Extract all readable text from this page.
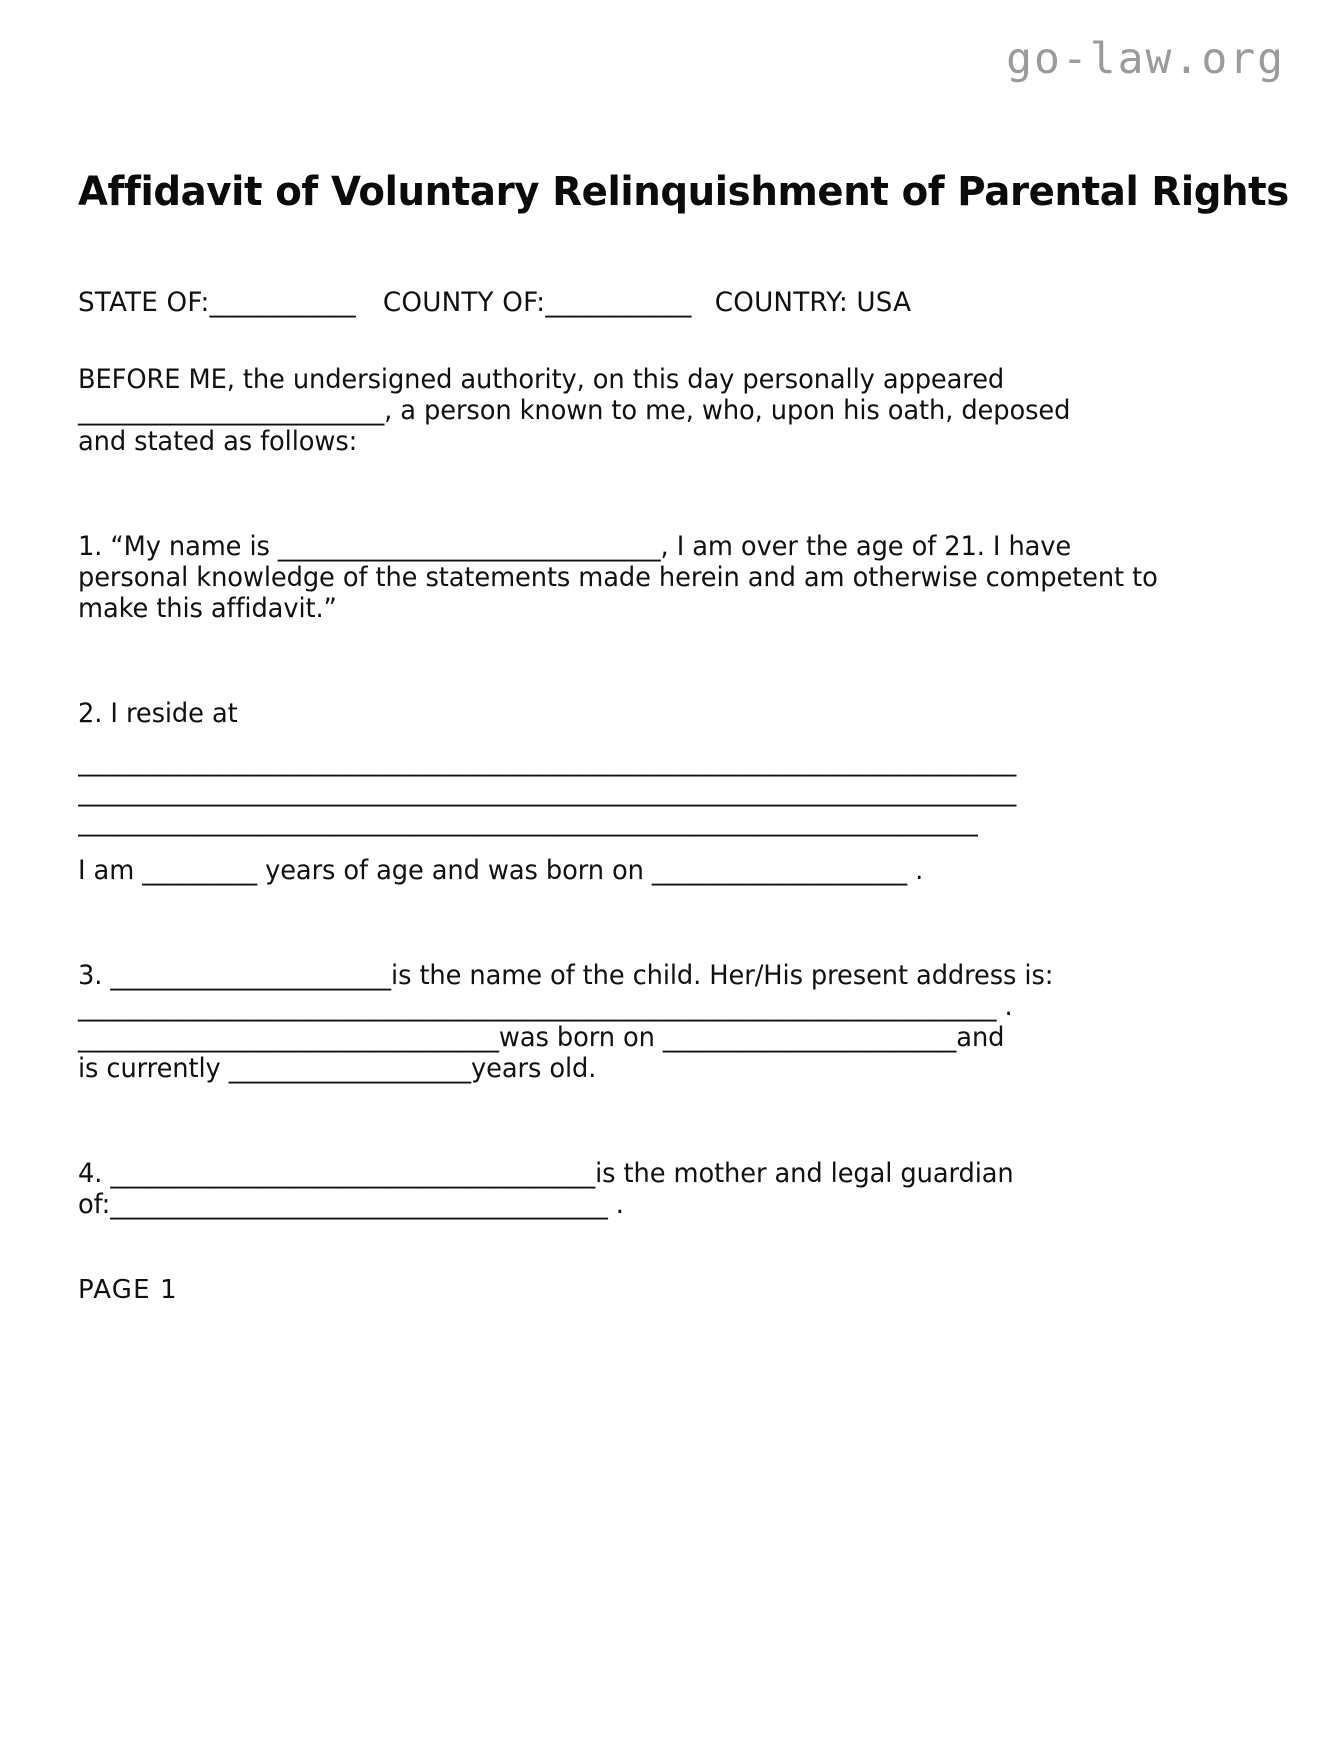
go-law.org
Affidavit of Voluntary Relinquishment of Parental Rights
STATE OF:___________ COUNTY OF:___________ COUNTRY: USA
BEFORE ME, the undersigned authority, on this day personally appeared
________________________, a person known to me, who, upon his oath, deposed
and stated as follows:
1. “My name is ______________________________, I am over the age of 21. I have
personal knowledge of the statements made herein and am otherwise competent to
make this affidavit.”
2. I reside at
_________________________________________________________________________
_________________________________________________________________________
______________________________________________________________________
I am _________ years of age and was born on ____________________ .
3. ______________________is the name of the child. Her/His present address is:
________________________________________________________________________ .
_________________________________was born on _______________________and
is currently ___________________years old.
4. ______________________________________is the mother and legal guardian
of:_______________________________________ .
PAGE 1
